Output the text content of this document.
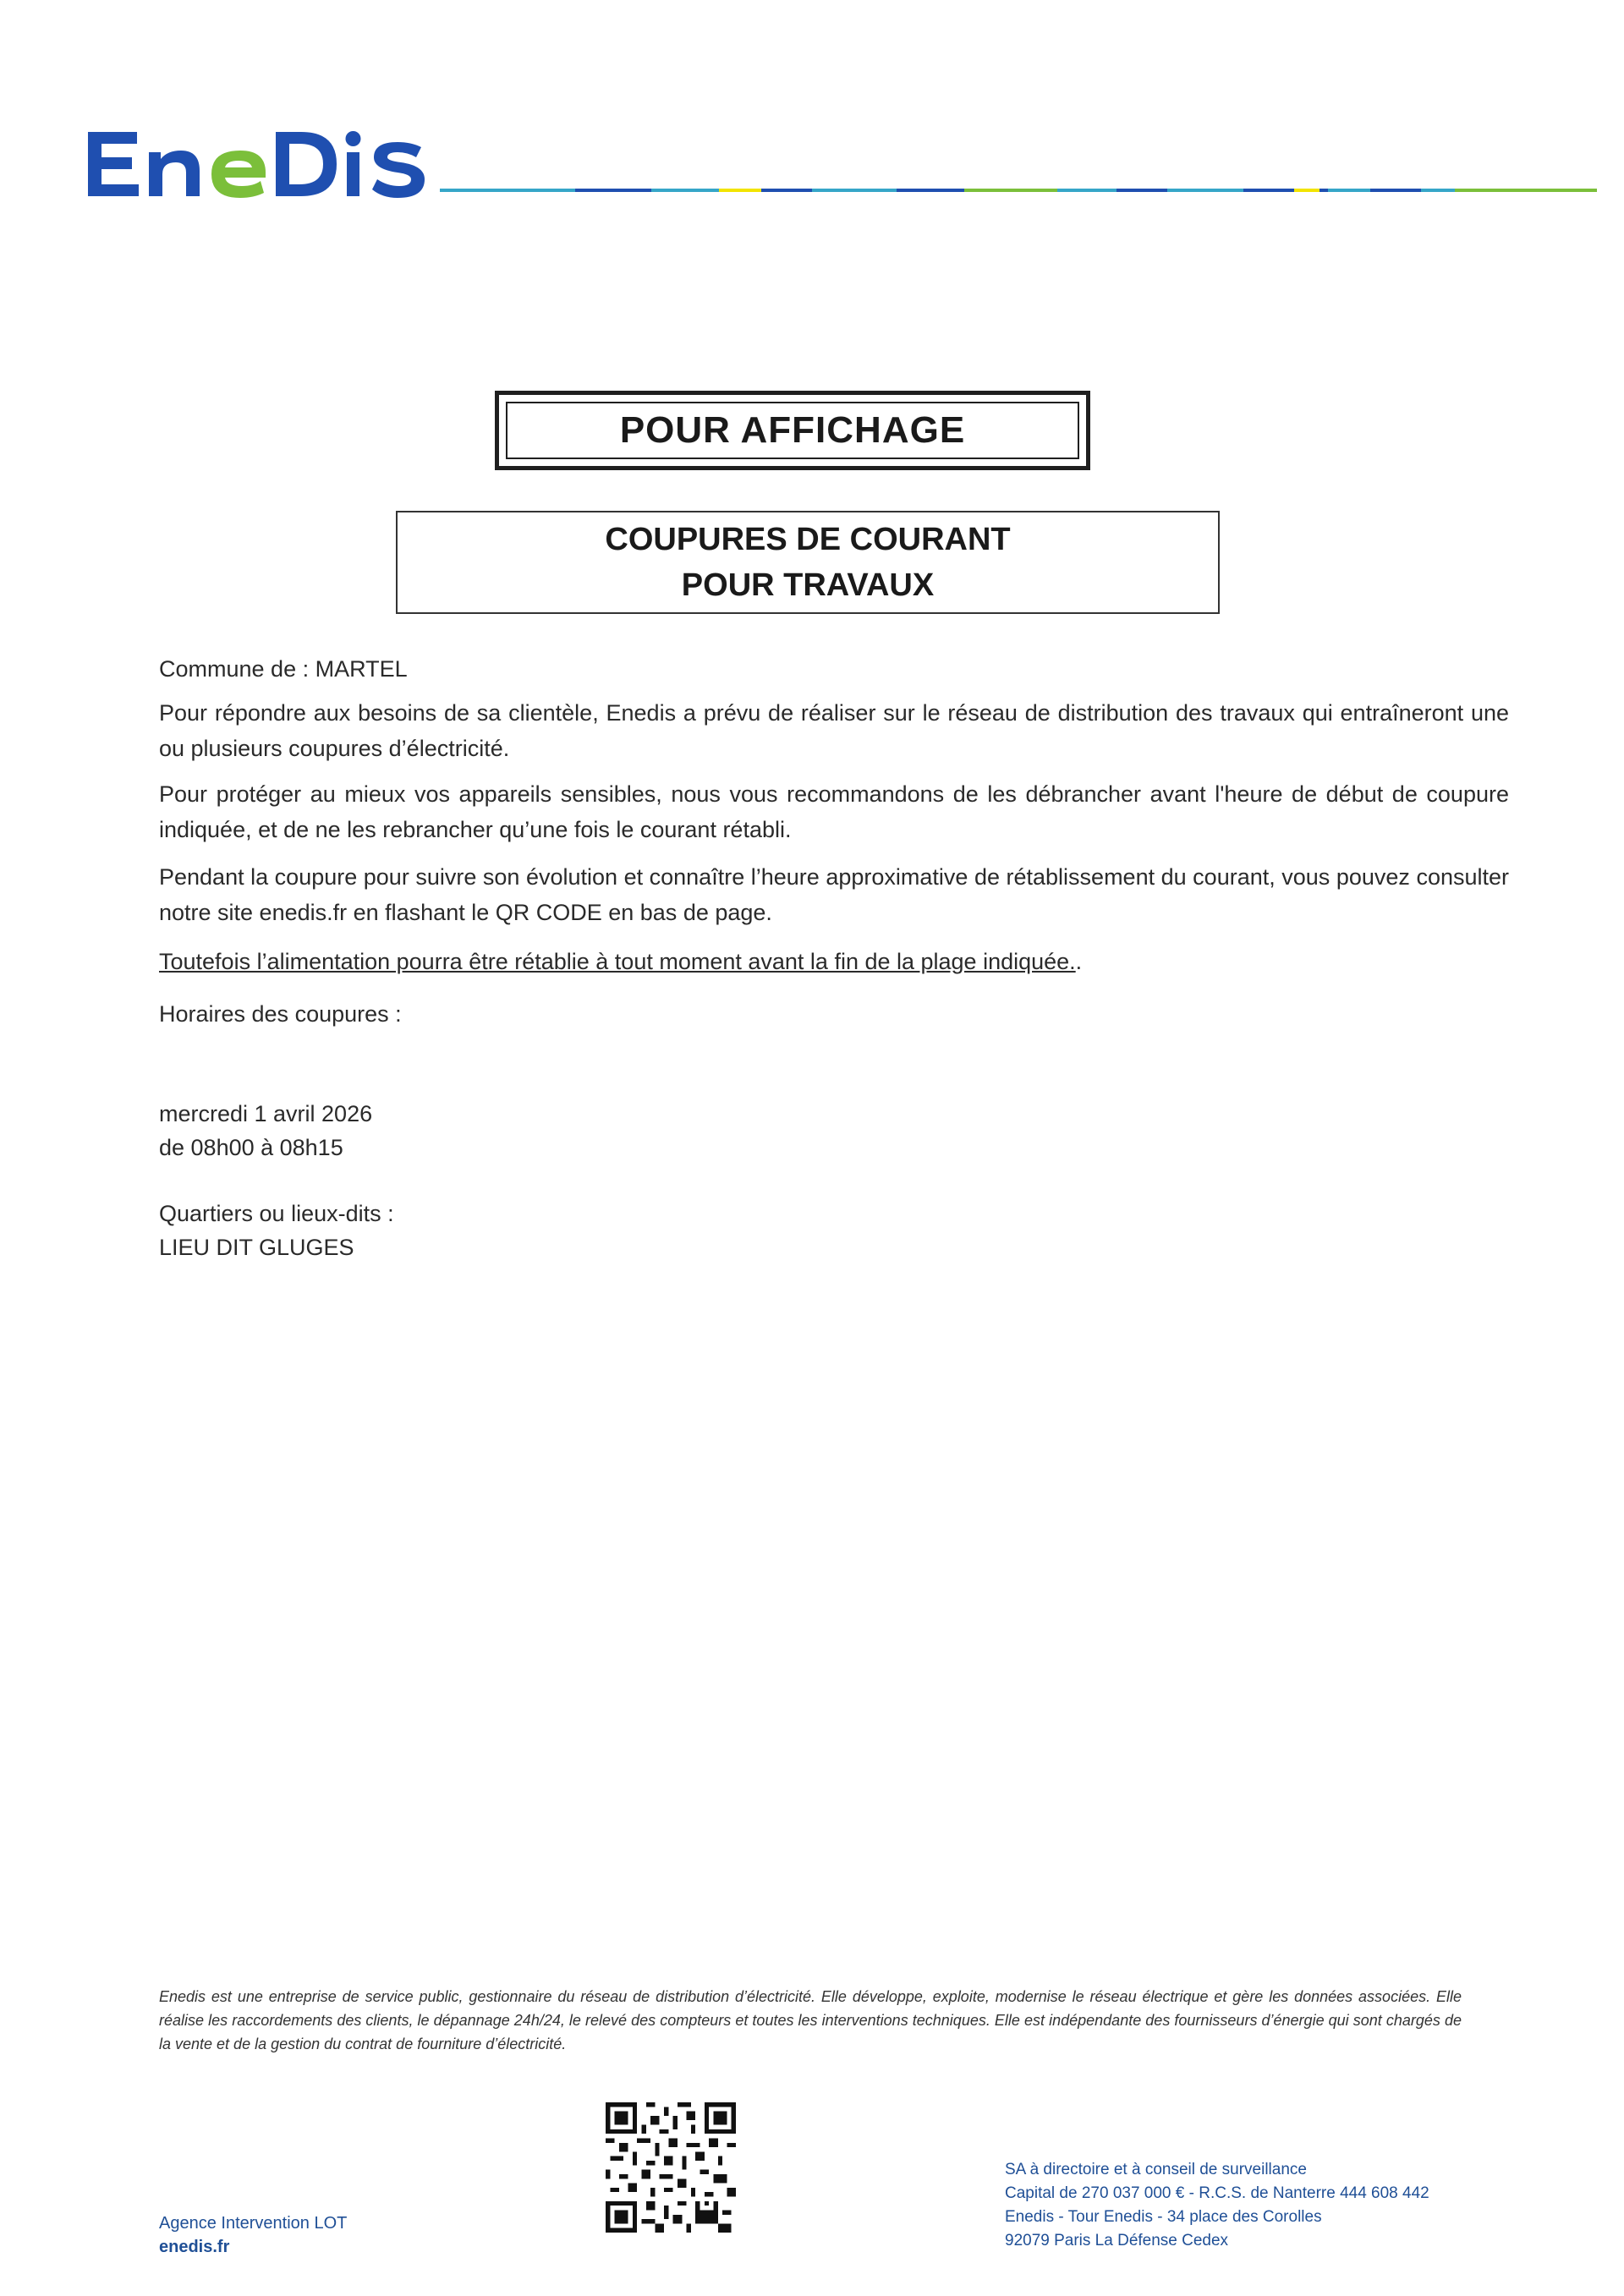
POUR AFFICHAGE
COUPURES DE COURANT
POUR TRAVAUX
Commune de : MARTEL
Pour répondre aux besoins de sa clientèle, Enedis a prévu de réaliser sur le réseau de distribution des travaux qui entraîneront une ou plusieurs coupures d’électricité.
Pour protéger au mieux vos appareils sensibles, nous vous recommandons de les débrancher avant l'heure de début de coupure indiquée, et de ne les rebrancher qu’une fois le courant rétabli.
Pendant la coupure pour suivre son évolution et connaître l’heure approximative de rétablissement du courant, vous pouvez consulter notre site enedis.fr en flashant le QR CODE en bas de page.
Toutefois l’alimentation pourra être rétablie à tout moment avant la fin de la plage indiquée..
Horaires des coupures :
mercredi 1 avril 2026
de 08h00 à 08h15
Quartiers ou lieux-dits :
LIEU DIT GLUGES
Enedis est une entreprise de service public, gestionnaire du réseau de distribution d’électricité. Elle développe, exploite, modernise le réseau électrique et gère les données associées. Elle réalise les raccordements des clients, le dépannage 24h/24, le relevé des compteurs et toutes les interventions techniques. Elle est indépendante des fournisseurs d’énergie qui sont chargés de la vente et de la gestion du contrat de fourniture d’électricité.
Agence Intervention LOT
enedis.fr
SA à directoire et à conseil de surveillance
Capital de 270 037 000 € - R.C.S. de Nanterre 444 608 442
Enedis - Tour Enedis - 34 place des Corolles
92079 Paris La Défense Cedex
